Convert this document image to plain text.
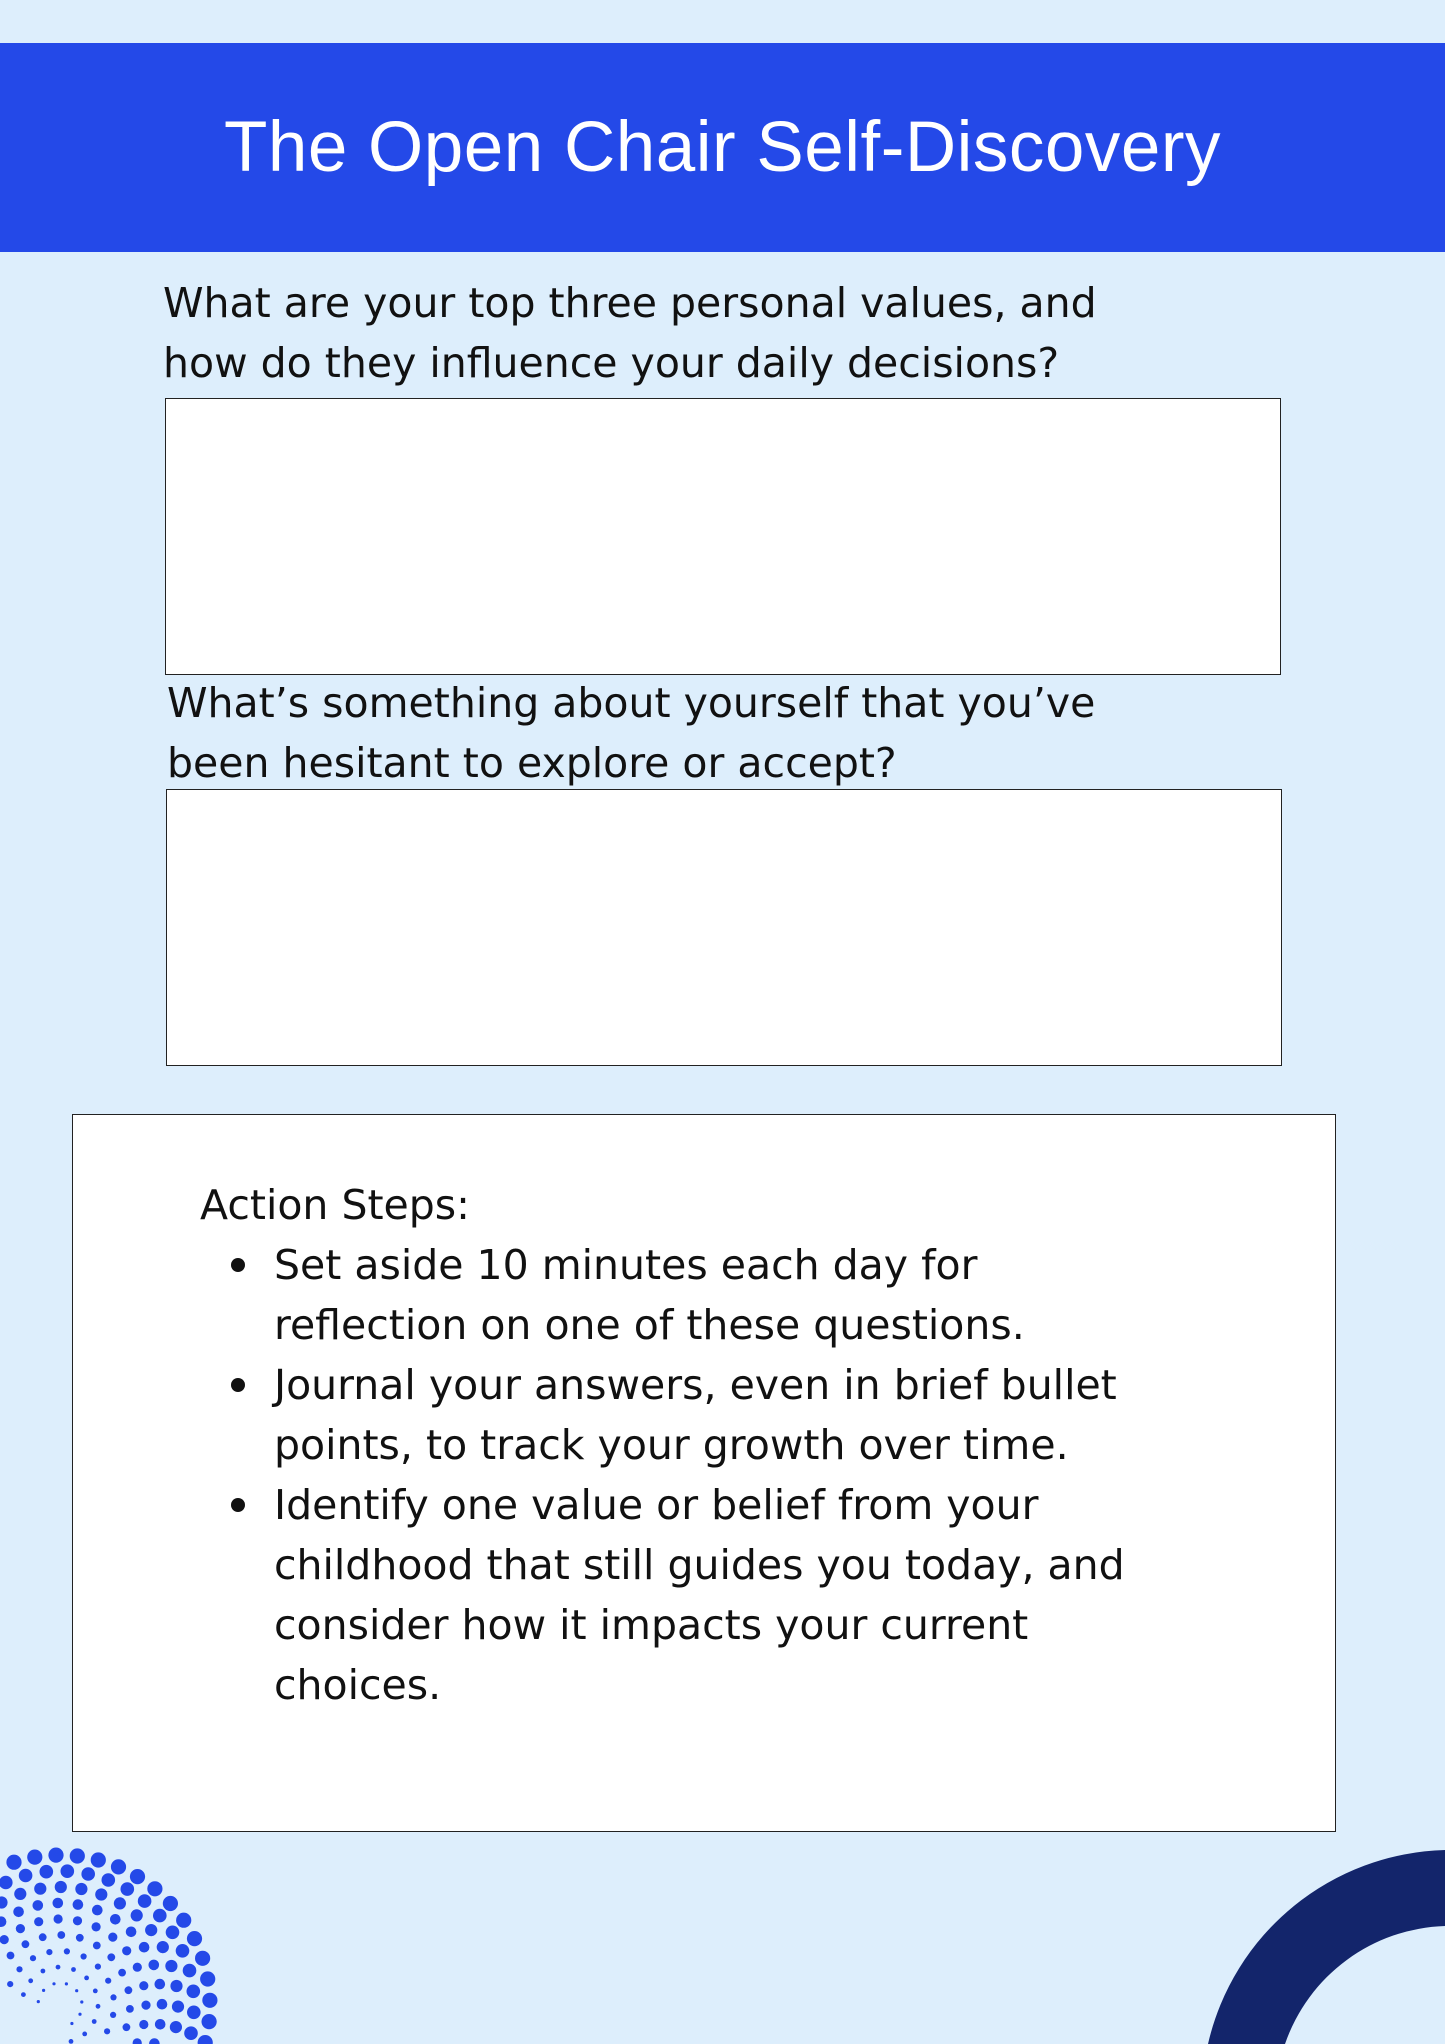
The Open Chair Self-Discovery
What are your top three personal values, and
how do they influence your daily decisions?
What’s something about yourself that you’ve
been hesitant to explore or accept?
Action Steps:
Set aside 10 minutes each day for reflection on one of these questions.
Journal your answers, even in brief bullet points, to track your growth over time.
Identify one value or belief from your childhood that still guides you today, and consider how it impacts your current choices.
